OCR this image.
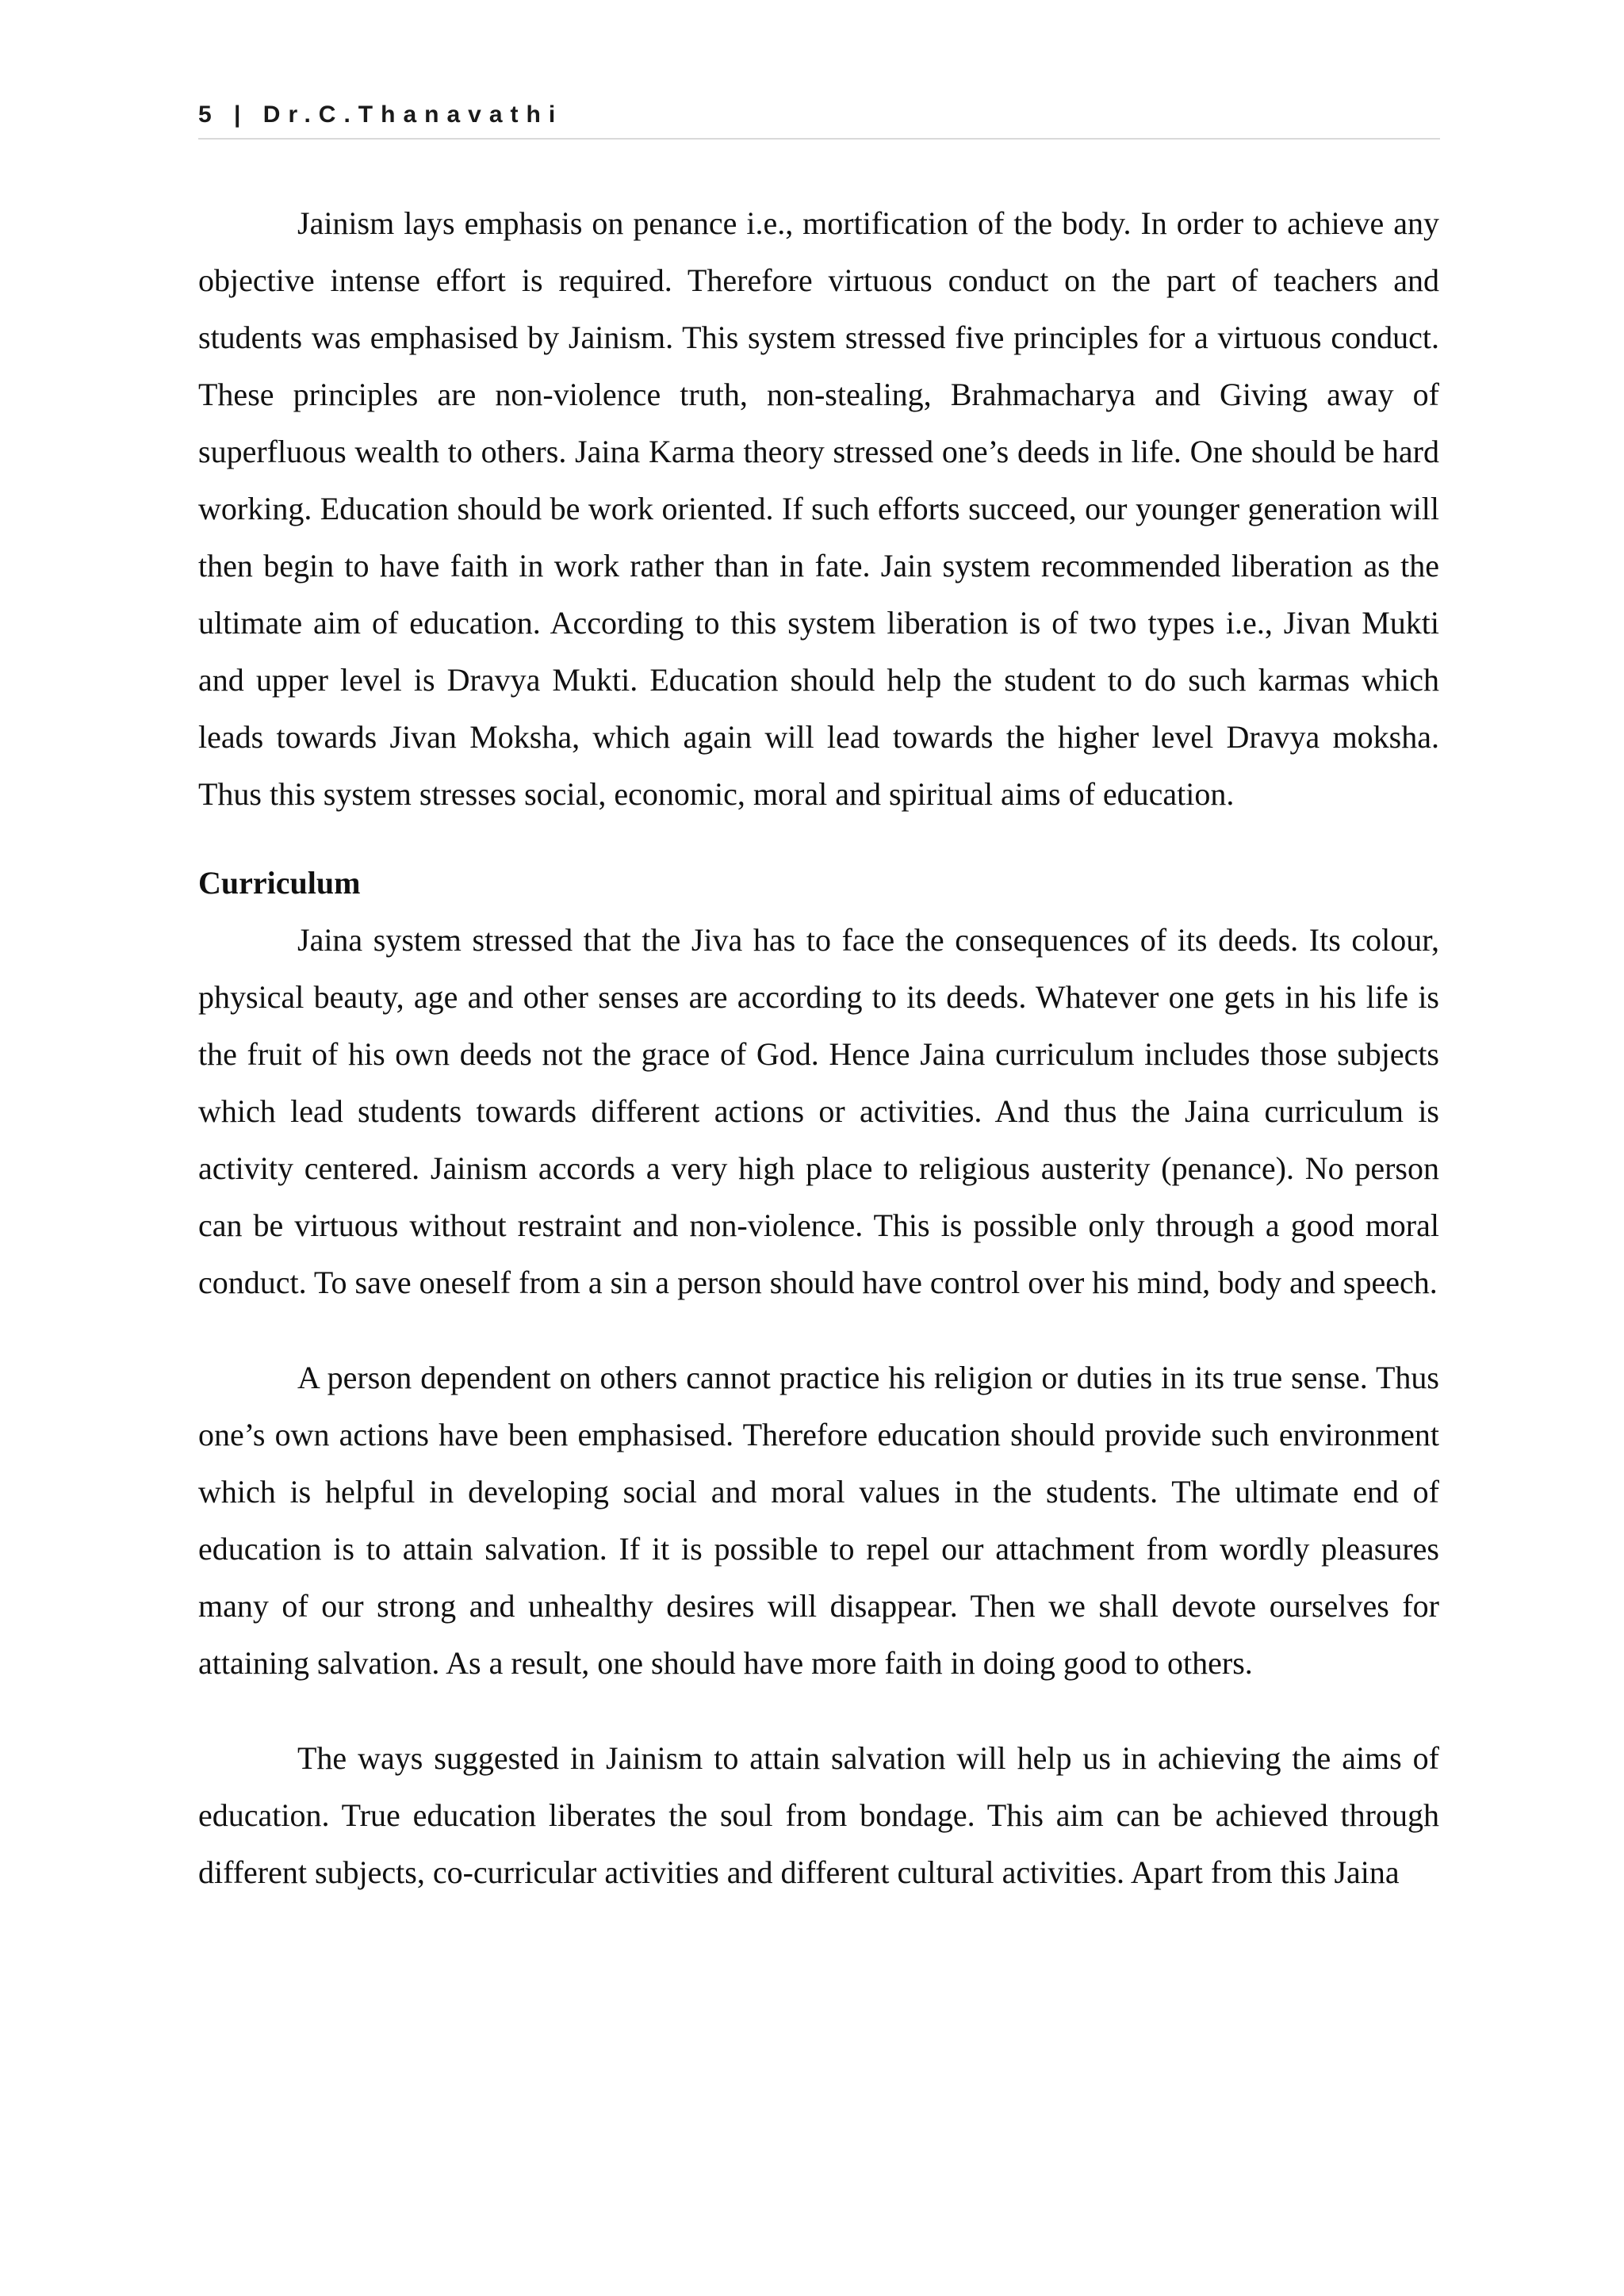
5 | Dr.C.Thanavathi

Jainism lays emphasis on penance i.e., mortification of the body. In order to achieve any objective intense effort is required. Therefore virtuous conduct on the part of teachers and students was emphasised by Jainism. This system stressed five principles for a virtuous conduct. These principles are non-violence truth, non-stealing, Brahmacharya and Giving away of superfluous wealth to others. Jaina Karma theory stressed one’s deeds in life. One should be hard working. Education should be work oriented. If such efforts succeed, our younger generation will then begin to have faith in work rather than in fate. Jain system recommended liberation as the ultimate aim of education. According to this system liberation is of two types i.e., Jivan Mukti and upper level is Dravya Mukti. Education should help the student to do such karmas which leads towards Jivan Moksha, which again will lead towards the higher level Dravya moksha. Thus this system stresses social, economic, moral and spiritual aims of education.

Curriculum

Jaina system stressed that the Jiva has to face the consequences of its deeds. Its colour, physical beauty, age and other senses are according to its deeds. Whatever one gets in his life is the fruit of his own deeds not the grace of God. Hence Jaina curriculum includes those subjects which lead students towards different actions or activities. And thus the Jaina curriculum is activity centered. Jainism accords a very high place to religious austerity (penance). No person can be virtuous without restraint and non-violence. This is possible only through a good moral conduct. To save oneself from a sin a person should have control over his mind, body and speech.

A person dependent on others cannot practice his religion or duties in its true sense. Thus one’s own actions have been emphasised. Therefore education should provide such environment which is helpful in developing social and moral values in the students. The ultimate end of education is to attain salvation. If it is possible to repel our attachment from wordly pleasures many of our strong and unhealthy desires will disappear. Then we shall devote ourselves for attaining salvation. As a result, one should have more faith in doing good to others.

The ways suggested in Jainism to attain salvation will help us in achieving the aims of education. True education liberates the soul from bondage. This aim can be achieved through different subjects, co-curricular activities and different cultural activities. Apart from this Jaina
